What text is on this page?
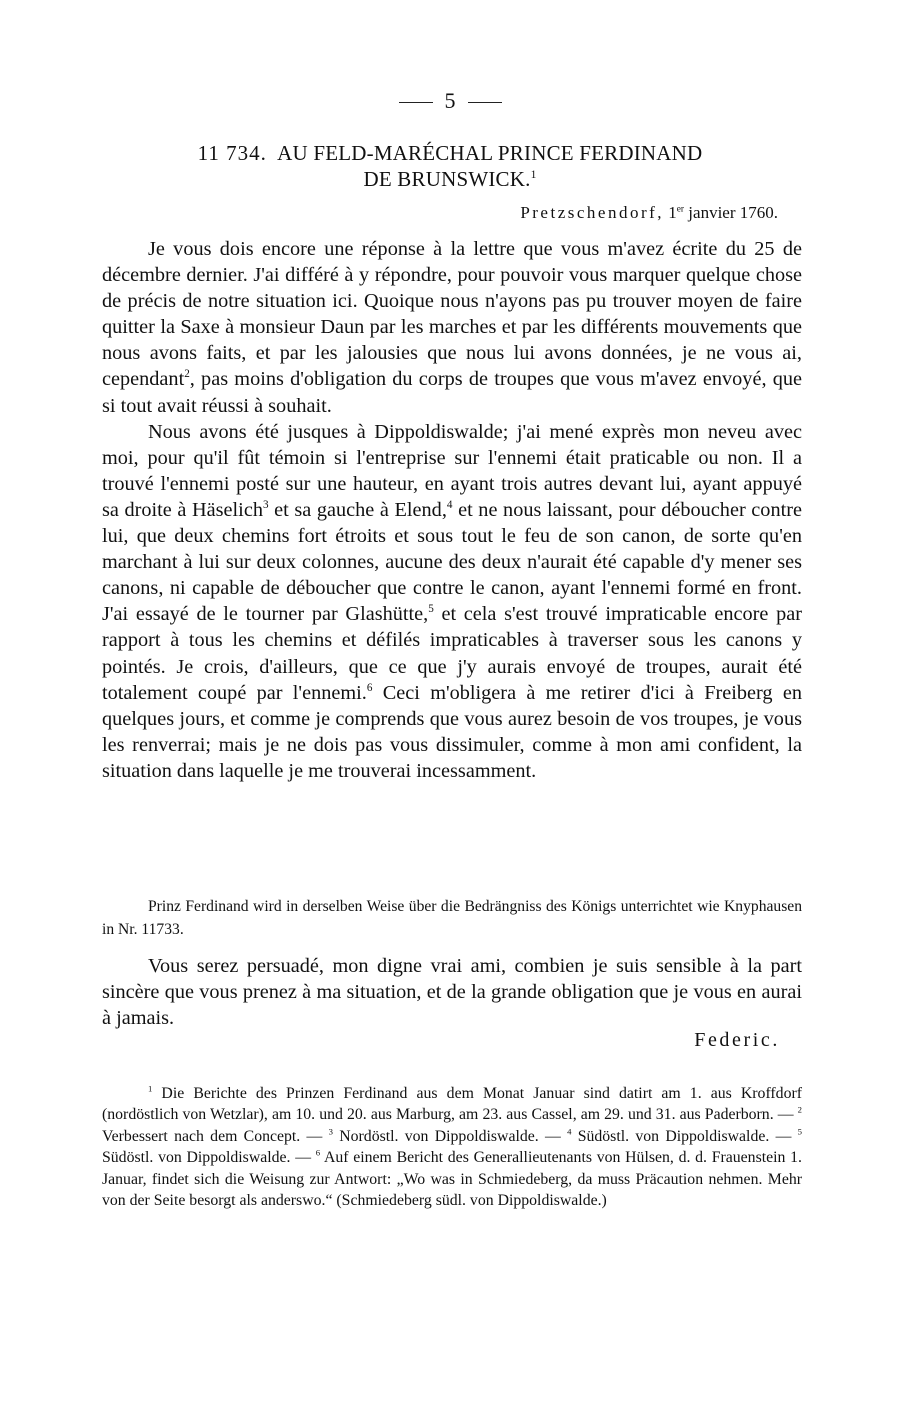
5
11 734. AU FELD-MARÉCHAL PRINCE FERDINAND
DE BRUNSWICK.$^1$
Pretzschendorf, 1er janvier 1760.

Je vous dois encore une réponse à la lettre que vous m'avez écrite du 25 de décembre dernier. J'ai différé à y répondre, pour pouvoir vous marquer quelque chose de précis de notre situation ici. Quoique nous n'ayons pas pu trouver moyen de faire quitter la Saxe à monsieur Daun par les marches et par les différents mouvements que nous avons faits, et par les jalousies que nous lui avons données, je ne vous ai, cependant$^2$, pas moins d'obligation du corps de troupes que vous m'avez envoyé, que si tout avait réussi à souhait.

Nous avons été jusques à Dippoldiswalde; j'ai mené exprès mon neveu avec moi, pour qu'il fût témoin si l'entreprise sur l'ennemi était praticable ou non. Il a trouvé l'ennemi posté sur une hauteur, en ayant trois autres devant lui, ayant appuyé sa droite à Häselich$^3$ et sa gauche à Elend,$^4$ et ne nous laissant, pour déboucher contre lui, que deux chemins fort étroits et sous tout le feu de son canon, de sorte qu'en marchant à lui sur deux colonnes, aucune des deux n'aurait été capable d'y mener ses canons, ni capable de déboucher que contre le canon, ayant l'ennemi formé en front. J'ai essayé de le tourner par Glashütte,$^5$ et cela s'est trouvé impraticable encore par rapport à tous les chemins et défilés impraticables à traverser sous les canons y pointés. Je crois, d'ailleurs, que ce que j'y aurais envoyé de troupes, aurait été totalement coupé par l'ennemi.$^6$ Ceci m'obligera à me retirer d'ici à Freiberg en quelques jours, et comme je comprends que vous aurez besoin de vos troupes, je vous les renverrai; mais je ne dois pas vous dissimuler, comme à mon ami confident, la situation dans laquelle je me trouverai incessamment.

Prinz Ferdinand wird in derselben Weise über die Bedrängniss des Königs unterrichtet wie Knyphausen in Nr. 11733.
Vous serez persuadé, mon digne vrai ami, combien je suis sensible à la part sincère que vous prenez à ma situation, et de la grande obligation que je vous en aurai à jamais.
Federic.

$^1$ Die Berichte des Prinzen Ferdinand aus dem Monat Januar sind datirt am 1. aus Kroffdorf (nordöstlich von Wetzlar), am 10. und 20. aus Marburg, am 23. aus Cassel, am 29. und 31. aus Paderborn. — $^2$ Verbessert nach dem Concept. — $^3$ Nordöstl. von Dippoldiswalde. — $^4$ Südöstl. von Dippoldiswalde. — $^5$ Südöstl. von Dippoldiswalde. — $^6$ Auf einem Bericht des Generallieutenants von Hülsen, d. d. Frauenstein 1. Januar, findet sich die Weisung zur Antwort: „Wo was in Schmiedeberg, da muss Präcaution nehmen. Mehr von der Seite besorgt als anderswo.“ (Schmiedeberg südl. von Dippoldiswalde.)
